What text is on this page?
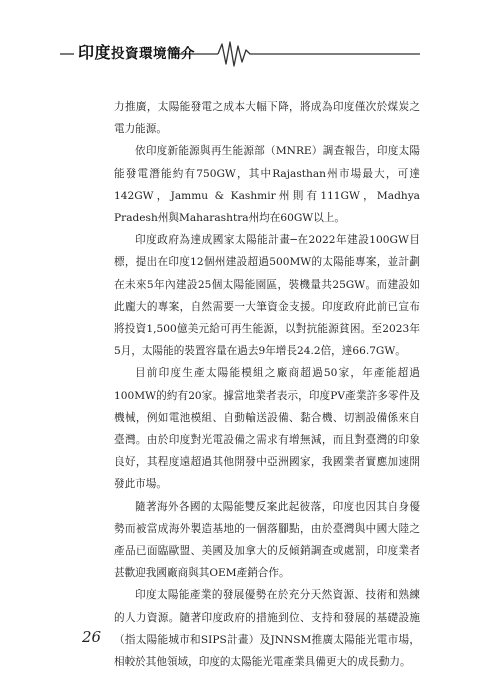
印度投資環境簡介

力推廣，太陽能發電之成本大幅下降，將成為印度僅次於煤炭之電力能源。

依印度新能源與再生能源部（MNRE）調查報告，印度太陽能發電潛能約有750GW，其中Rajasthan州市場最大，可達142GW，Jammu & Kashmir州則有111GW，Madhya Pradesh州與Maharashtra州均在60GW以上。

印度政府為達成國家太陽能計畫─在2022年建設100GW目標，提出在印度12個州建設超過500MW的太陽能專案，並計劃在未來5年內建設25個太陽能園區，裝機量共25GW。而建設如此龐大的專案，自然需要一大筆資金支援。印度政府此前已宣布將投資1,500億美元給可再生能源，以對抗能源貧困。至2023年5月，太陽能的裝置容量在過去9年增長24.2倍，達66.7GW。

目前印度生產太陽能模組之廠商超過50家，年產能超過100MW的約有20家。據當地業者表示，印度PV產業許多零件及機械，例如電池模組、自動輸送設備、黏合機、切割設備係來自臺灣。由於印度對光電設備之需求有增無減，而且對臺灣的印象良好，其程度遠超過其他開發中亞洲國家，我國業者實應加速開發此市場。

隨著海外各國的太陽能雙反案此起彼落，印度也因其自身優勢而被當成海外製造基地的一個落腳點，由於臺灣與中國大陸之產品已面臨歐盟、美國及加拿大的反傾銷調查或處罰，印度業者甚歡迎我國廠商與其OEM產銷合作。

印度太陽能產業的發展優勢在於充分天然資源、技術和熟練的人力資源。隨著印度政府的措施到位、支持和發展的基礎設施（指太陽能城市和SIPS計畫）及JNNSM推廣太陽能光電市場，相較於其他領域，印度的太陽能光電產業具備更大的成長動力。

26
